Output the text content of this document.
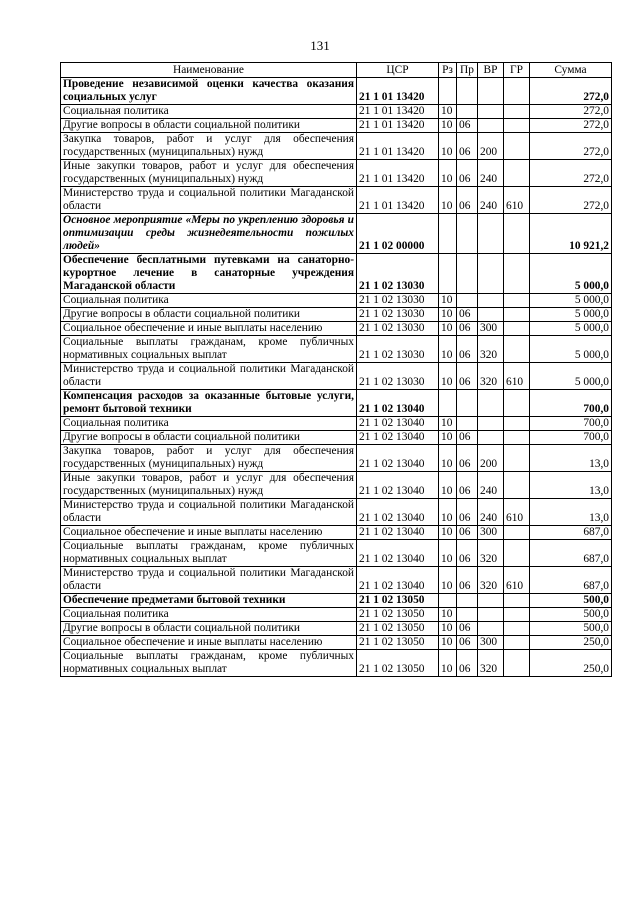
131
Наименование	ЦСР	Рз	Пр	ВР	ГР	Сумма
Проведение независимой оценки качества оказания социальных услуг	21 1 01 13420					272,0
Социальная политика	21 1 01 13420	10				272,0
Другие вопросы в области социальной политики	21 1 01 13420	10	06			272,0
Закупка товаров, работ и услуг для обеспечения государственных (муниципальных) нужд	21 1 01 13420	10	06	200		272,0
Иные закупки товаров, работ и услуг для обеспечения государственных (муниципальных) нужд	21 1 01 13420	10	06	240		272,0
Министерство труда и социальной политики Магаданской области	21 1 01 13420	10	06	240	610	272,0
Основное мероприятие «Меры по укреплению здоровья и оптимизации среды жизнедеятельности пожилых людей»	21 1 02 00000					10 921,2
Обеспечение бесплатными путевками на санаторно-курортное лечение в санаторные учреждения Магаданской области	21 1 02 13030					5 000,0
Социальная политика	21 1 02 13030	10				5 000,0
Другие вопросы в области социальной политики	21 1 02 13030	10	06			5 000,0
Социальное обеспечение и иные выплаты населению	21 1 02 13030	10	06	300		5 000,0
Социальные выплаты гражданам, кроме публичных нормативных социальных выплат	21 1 02 13030	10	06	320		5 000,0
Министерство труда и социальной политики Магаданской области	21 1 02 13030	10	06	320	610	5 000,0
Компенсация расходов за оказанные бытовые услуги, ремонт бытовой техники	21 1 02 13040					700,0
Социальная политика	21 1 02 13040	10				700,0
Другие вопросы в области социальной политики	21 1 02 13040	10	06			700,0
Закупка товаров, работ и услуг для обеспечения государственных (муниципальных) нужд	21 1 02 13040	10	06	200		13,0
Иные закупки товаров, работ и услуг для обеспечения государственных (муниципальных) нужд	21 1 02 13040	10	06	240		13,0
Министерство труда и социальной политики Магаданской области	21 1 02 13040	10	06	240	610	13,0
Социальное обеспечение и иные выплаты населению	21 1 02 13040	10	06	300		687,0
Социальные выплаты гражданам, кроме публичных нормативных социальных выплат	21 1 02 13040	10	06	320		687,0
Министерство труда и социальной политики Магаданской области	21 1 02 13040	10	06	320	610	687,0
Обеспечение предметами бытовой техники	21 1 02 13050					500,0
Социальная политика	21 1 02 13050	10				500,0
Другие вопросы в области социальной политики	21 1 02 13050	10	06			500,0
Социальное обеспечение и иные выплаты населению	21 1 02 13050	10	06	300		250,0
Социальные выплаты гражданам, кроме публичных нормативных социальных выплат	21 1 02 13050	10	06	320		250,0
